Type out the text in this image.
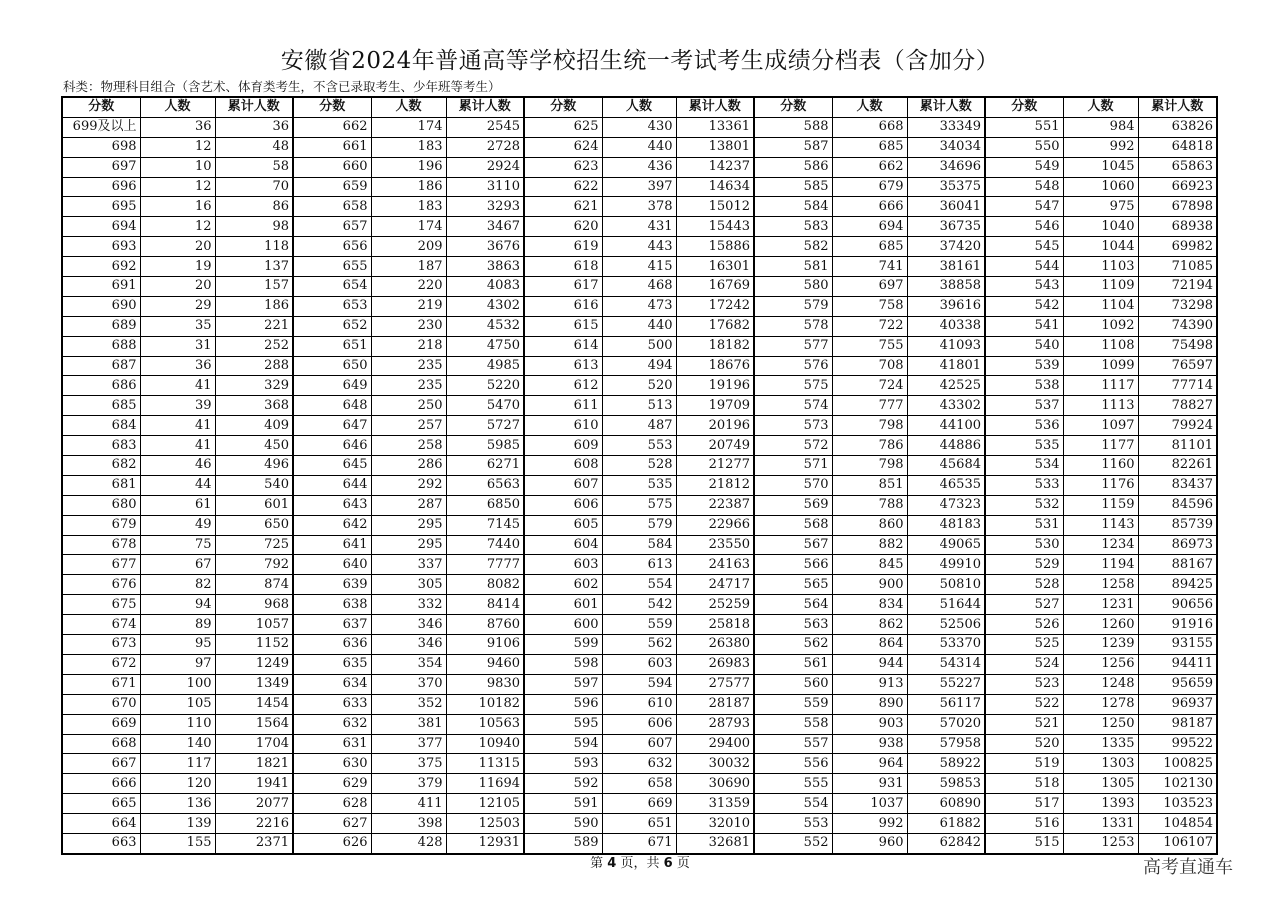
安徽省2024年普通高等学校招生统一考试考生成绩分档表（含加分）
科类：物理科目组合（含艺术、体育类考生，不含已录取考生、少年班等考生）
分数	人数	累计人数	分数	人数	累计人数	分数	人数	累计人数	分数	人数	累计人数	分数	人数	累计人数
699及以上	36	36	662	174	2545	625	430	13361	588	668	33349	551	984	63826
698	12	48	661	183	2728	624	440	13801	587	685	34034	550	992	64818
697	10	58	660	196	2924	623	436	14237	586	662	34696	549	1045	65863
696	12	70	659	186	3110	622	397	14634	585	679	35375	548	1060	66923
695	16	86	658	183	3293	621	378	15012	584	666	36041	547	975	67898
694	12	98	657	174	3467	620	431	15443	583	694	36735	546	1040	68938
693	20	118	656	209	3676	619	443	15886	582	685	37420	545	1044	69982
692	19	137	655	187	3863	618	415	16301	581	741	38161	544	1103	71085
691	20	157	654	220	4083	617	468	16769	580	697	38858	543	1109	72194
690	29	186	653	219	4302	616	473	17242	579	758	39616	542	1104	73298
689	35	221	652	230	4532	615	440	17682	578	722	40338	541	1092	74390
688	31	252	651	218	4750	614	500	18182	577	755	41093	540	1108	75498
687	36	288	650	235	4985	613	494	18676	576	708	41801	539	1099	76597
686	41	329	649	235	5220	612	520	19196	575	724	42525	538	1117	77714
685	39	368	648	250	5470	611	513	19709	574	777	43302	537	1113	78827
684	41	409	647	257	5727	610	487	20196	573	798	44100	536	1097	79924
683	41	450	646	258	5985	609	553	20749	572	786	44886	535	1177	81101
682	46	496	645	286	6271	608	528	21277	571	798	45684	534	1160	82261
681	44	540	644	292	6563	607	535	21812	570	851	46535	533	1176	83437
680	61	601	643	287	6850	606	575	22387	569	788	47323	532	1159	84596
679	49	650	642	295	7145	605	579	22966	568	860	48183	531	1143	85739
678	75	725	641	295	7440	604	584	23550	567	882	49065	530	1234	86973
677	67	792	640	337	7777	603	613	24163	566	845	49910	529	1194	88167
676	82	874	639	305	8082	602	554	24717	565	900	50810	528	1258	89425
675	94	968	638	332	8414	601	542	25259	564	834	51644	527	1231	90656
674	89	1057	637	346	8760	600	559	25818	563	862	52506	526	1260	91916
673	95	1152	636	346	9106	599	562	26380	562	864	53370	525	1239	93155
672	97	1249	635	354	9460	598	603	26983	561	944	54314	524	1256	94411
671	100	1349	634	370	9830	597	594	27577	560	913	55227	523	1248	95659
670	105	1454	633	352	10182	596	610	28187	559	890	56117	522	1278	96937
669	110	1564	632	381	10563	595	606	28793	558	903	57020	521	1250	98187
668	140	1704	631	377	10940	594	607	29400	557	938	57958	520	1335	99522
667	117	1821	630	375	11315	593	632	30032	556	964	58922	519	1303	100825
666	120	1941	629	379	11694	592	658	30690	555	931	59853	518	1305	102130
665	136	2077	628	411	12105	591	669	31359	554	1037	60890	517	1393	103523
664	139	2216	627	398	12503	590	651	32010	553	992	61882	516	1331	104854
663	155	2371	626	428	12931	589	671	32681	552	960	62842	515	1253	106107
第 4 页，共 6 页	高考直通车
